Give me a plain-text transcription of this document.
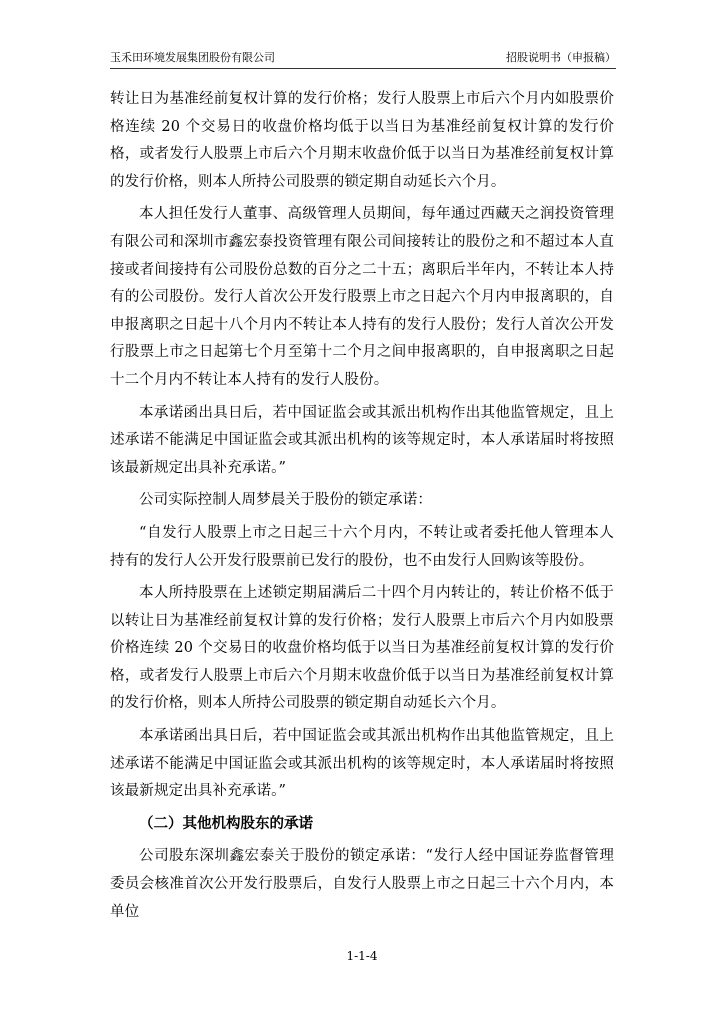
玉禾田环境发展集团股份有限公司	招股说明书（申报稿）

转让日为基准经前复权计算的发行价格；发行人股票上市后六个月内如股票价格连续 20 个交易日的收盘价格均低于以当日为基准经前复权计算的发行价格，或者发行人股票上市后六个月期末收盘价低于以当日为基准经前复权计算的发行价格，则本人所持公司股票的锁定期自动延长六个月。

本人担任发行人董事、高级管理人员期间，每年通过西藏天之润投资管理有限公司和深圳市鑫宏泰投资管理有限公司间接转让的股份之和不超过本人直接或者间接持有公司股份总数的百分之二十五；离职后半年内，不转让本人持有的公司股份。发行人首次公开发行股票上市之日起六个月内申报离职的，自申报离职之日起十八个月内不转让本人持有的发行人股份；发行人首次公开发行股票上市之日起第七个月至第十二个月之间申报离职的，自申报离职之日起十二个月内不转让本人持有的发行人股份。

本承诺函出具日后，若中国证监会或其派出机构作出其他监管规定，且上述承诺不能满足中国证监会或其派出机构的该等规定时，本人承诺届时将按照该最新规定出具补充承诺。”

公司实际控制人周梦晨关于股份的锁定承诺：

“自发行人股票上市之日起三十六个月内，不转让或者委托他人管理本人持有的发行人公开发行股票前已发行的股份，也不由发行人回购该等股份。

本人所持股票在上述锁定期届满后二十四个月内转让的，转让价格不低于以转让日为基准经前复权计算的发行价格；发行人股票上市后六个月内如股票价格连续 20 个交易日的收盘价格均低于以当日为基准经前复权计算的发行价格，或者发行人股票上市后六个月期末收盘价低于以当日为基准经前复权计算的发行价格，则本人所持公司股票的锁定期自动延长六个月。

本承诺函出具日后，若中国证监会或其派出机构作出其他监管规定，且上述承诺不能满足中国证监会或其派出机构的该等规定时，本人承诺届时将按照该最新规定出具补充承诺。”

（二）其他机构股东的承诺

公司股东深圳鑫宏泰关于股份的锁定承诺：“发行人经中国证券监督管理委员会核准首次公开发行股票后，自发行人股票上市之日起三十六个月内，本单位

1-1-4
